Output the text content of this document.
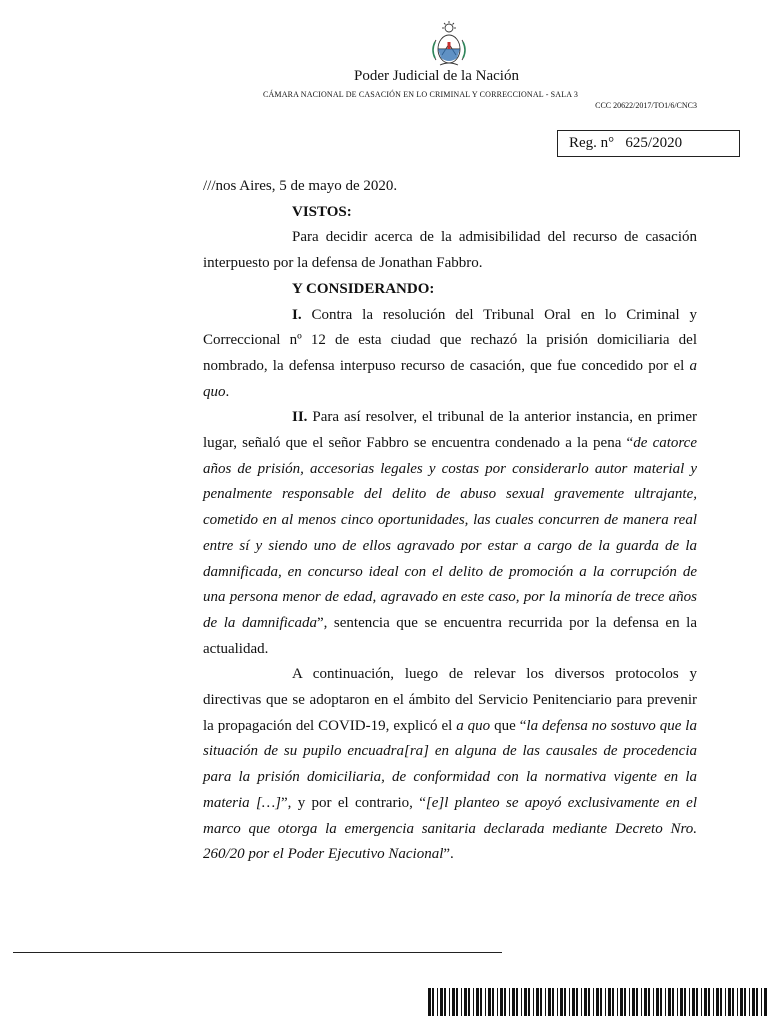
Poder Judicial de la Nación
CÁMARA NACIONAL DE CASACIÓN EN LO CRIMINAL Y CORRECCIONAL - SALA 3
CCC 20622/2017/TO1/6/CNC3
Reg. n° 625/2020

///nos Aires, 5 de mayo de 2020.

VISTOS:

Para decidir acerca de la admisibilidad del recurso de casación interpuesto por la defensa de Jonathan Fabbro.

Y CONSIDERANDO:

I. Contra la resolución del Tribunal Oral en lo Criminal y Correccional nº 12 de esta ciudad que rechazó la prisión domiciliaria del nombrado, la defensa interpuso recurso de casación, que fue concedido por el a quo.

II. Para así resolver, el tribunal de la anterior instancia, en primer lugar, señaló que el señor Fabbro se encuentra condenado a la pena “de catorce años de prisión, accesorias legales y costas por considerarlo autor material y penalmente responsable del delito de abuso sexual gravemente ultrajante, cometido en al menos cinco oportunidades, las cuales concurren de manera real entre sí y siendo uno de ellos agravado por estar a cargo de la guarda de la damnificada, en concurso ideal con el delito de promoción a la corrupción de una persona menor de edad, agravado en este caso, por la minoría de trece años de la damnificada”, sentencia que se encuentra recurrida por la defensa en la actualidad.

A continuación, luego de relevar los diversos protocolos y directivas que se adoptaron en el ámbito del Servicio Penitenciario para prevenir la propagación del COVID-19, explicó el a quo que “la defensa no sostuvo que la situación de su pupilo encuadra[ra] en alguna de las causales de procedencia para la prisión domiciliaria, de conformidad con la normativa vigente en la materia […]”, y por el contrario, “[e]l planteo se apoyó exclusivamente en el marco que otorga la emergencia sanitaria declarada mediante Decreto Nro. 260/20 por el Poder Ejecutivo Nacional”.
